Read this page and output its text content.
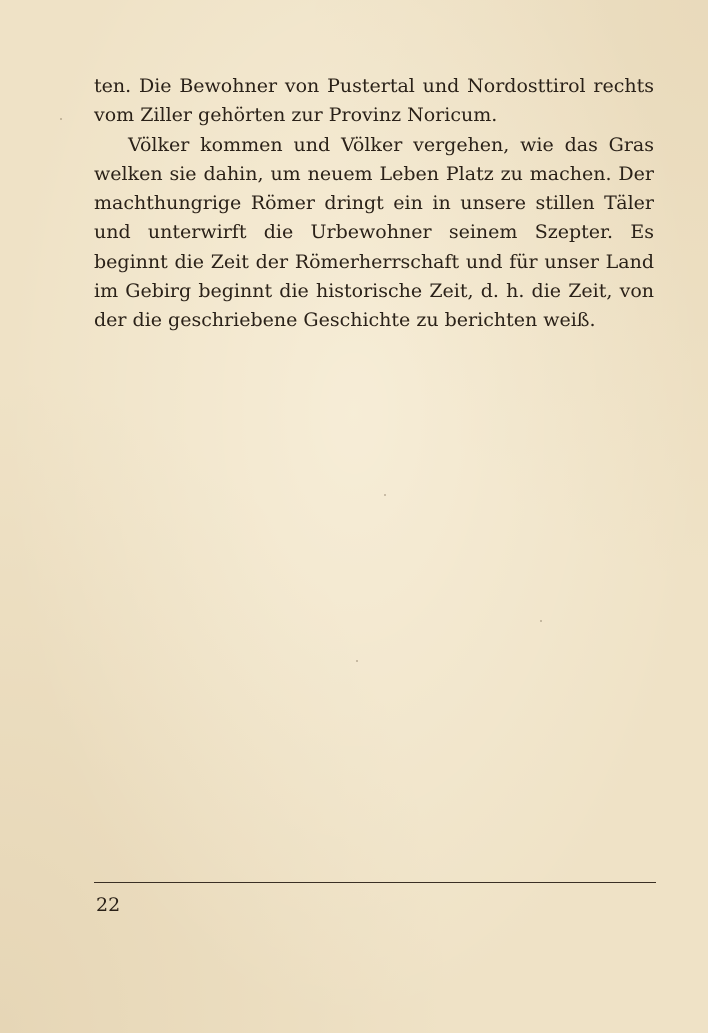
ten. Die Bewohner von Pustertal und Nordosttirol rechts vom Ziller gehörten zur Provinz Noricum.

Völker kommen und Völker vergehen, wie das Gras welken sie dahin, um neuem Leben Platz zu machen. Der machthungrige Römer dringt ein in unsere stillen Täler und unterwirft die Urbewohner seinem Szepter. Es beginnt die Zeit der Römerherrschaft und für unser Land im Gebirg beginnt die historische Zeit, d. h. die Zeit, von der die geschriebene Geschichte zu berichten weiß.

22
